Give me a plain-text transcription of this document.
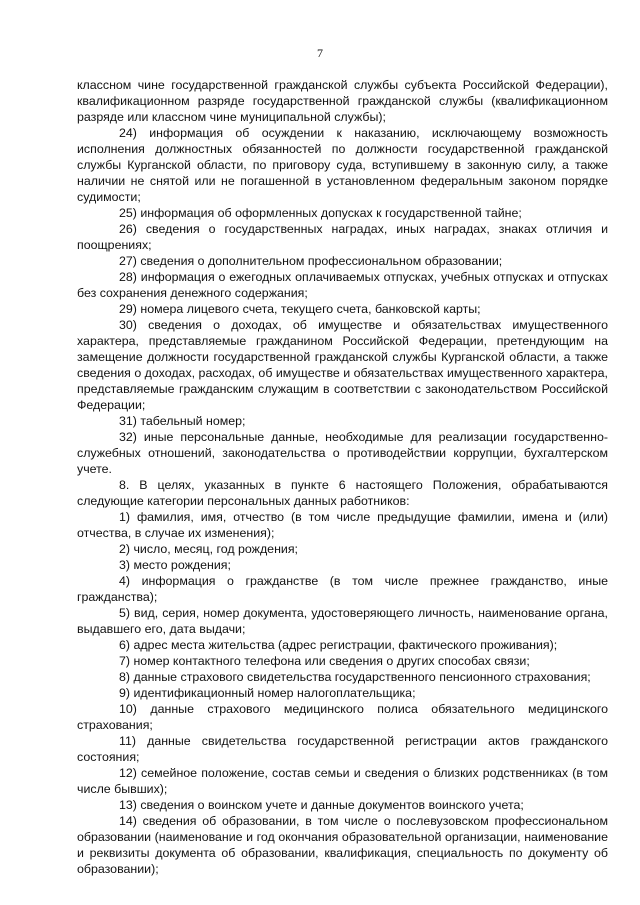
7

классном чине государственной гражданской службы субъекта Российской Федерации), квалификационном разряде государственной гражданской службы (квалификационном разряде или классном чине муниципальной службы);

24) информация об осуждении к наказанию, исключающему возможность исполнения должностных обязанностей по должности государственной гражданской службы Курганской области, по приговору суда, вступившему в законную силу, а также наличии не снятой или не погашенной в установленном федеральным законом порядке судимости;

25) информация об оформленных допусках к государственной тайне;

26) сведения о государственных наградах, иных наградах, знаках отличия и поощрениях;

27) сведения о дополнительном профессиональном образовании;

28) информация о ежегодных оплачиваемых отпусках, учебных отпусках и отпусках без сохранения денежного содержания;

29) номера лицевого счета, текущего счета, банковской карты;

30) сведения о доходах, об имуществе и обязательствах имущественного характера, представляемые гражданином Российской Федерации, претендующим на замещение должности государственной гражданской службы Курганской области, а также сведения о доходах, расходах, об имуществе и обязательствах имущественного характера, представляемые гражданским служащим в соответствии с законодательством Российской Федерации;

31) табельный номер;

32) иные персональные данные, необходимые для реализации государственно-служебных отношений, законодательства о противодействии коррупции, бухгалтерском учете.

8. В целях, указанных в пункте 6 настоящего Положения, обрабатываются следующие категории персональных данных работников:

1) фамилия, имя, отчество (в том числе предыдущие фамилии, имена и (или) отчества, в случае их изменения);

2) число, месяц, год рождения;

3) место рождения;

4) информация о гражданстве (в том числе прежнее гражданство, иные гражданства);

5) вид, серия, номер документа, удостоверяющего личность, наименование органа, выдавшего его, дата выдачи;

6) адрес места жительства (адрес регистрации, фактического проживания);

7) номер контактного телефона или сведения о других способах связи;

8) данные страхового свидетельства государственного пенсионного страхования;

9) идентификационный номер налогоплательщика;

10) данные страхового медицинского полиса обязательного медицинского страхования;

11) данные свидетельства государственной регистрации актов гражданского состояния;

12) семейное положение, состав семьи и сведения о близких родственниках (в том числе бывших);

13) сведения о воинском учете и данные документов воинского учета;

14) сведения об образовании, в том числе о послевузовском профессиональном образовании (наименование и год окончания образовательной организации, наименование и реквизиты документа об образовании, квалификация, специальность по документу об образовании);
